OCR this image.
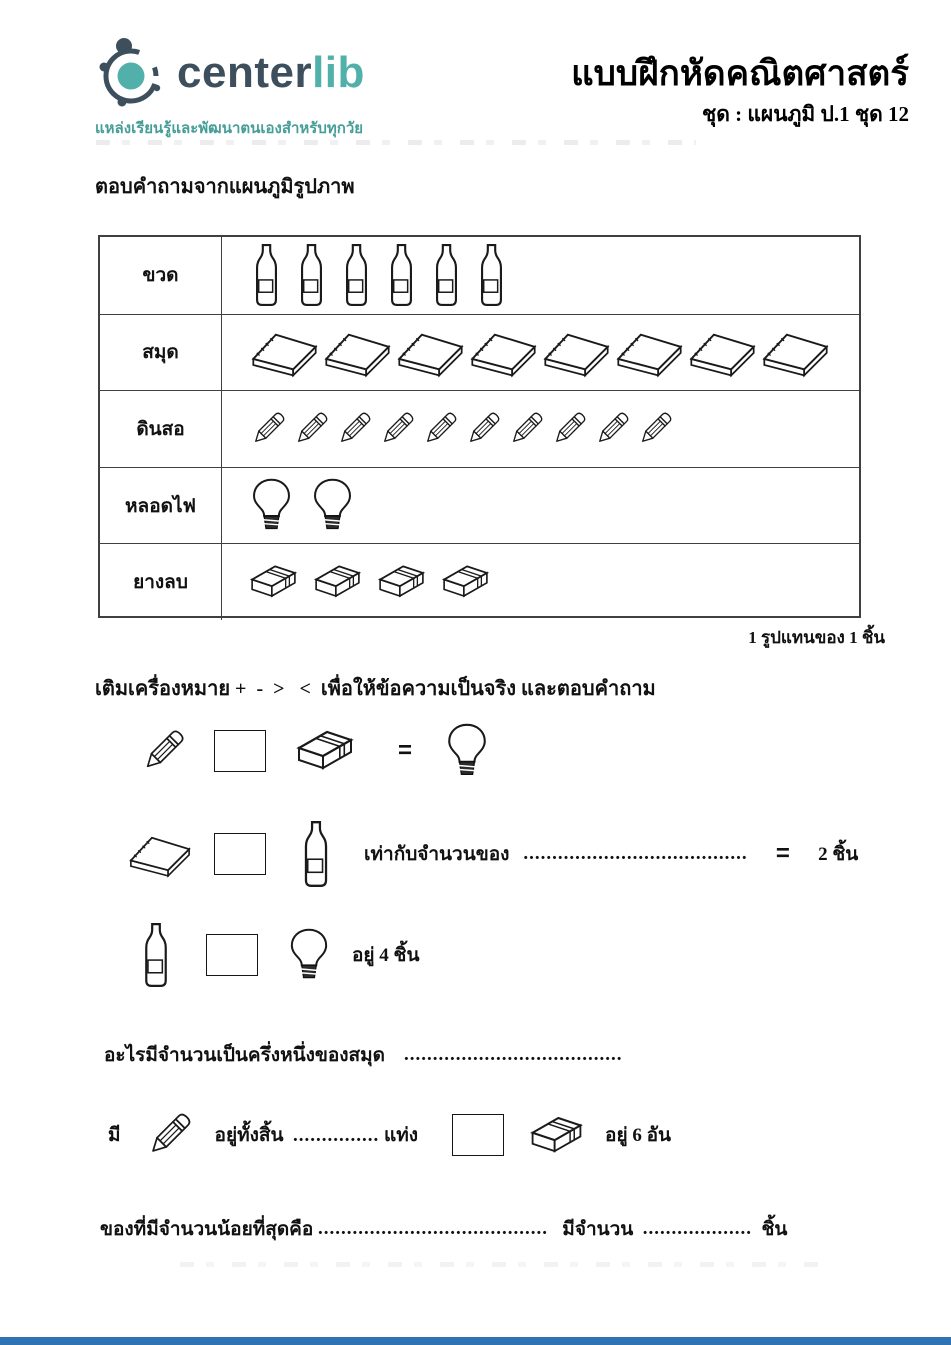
centerlib
แหล่งเรียนรู้และพัฒนาตนเองสำหรับทุกวัย
แบบฝึกหัดคณิตศาสตร์
ชุด : แผนภูมิ ป.1 ชุด 12
ตอบคำถามจากแผนภูมิรูปภาพ
ขวด
สมุด
ดินสอ
หลอดไฟ
ยางลบ
1 รูปแทนของ 1 ชิ้น
เติมเครื่องหมาย +  -  >   <  เพื่อให้ข้อความเป็นจริง และตอบคำถาม
=
เท่ากับจำนวนของ .......................................	=	2 ชิ้น
อยู่ 4 ชิ้น
อะไรมีจำนวนเป็นครึ่งหนึ่งของสมุด
......................................
มี	อยู่ทั้งสิ้น ............... แท่ง	อยู่ 6 อัน
ของที่มีจำนวนน้อยที่สุดคือ
........................................
มีจำนวน
...................
ชิ้น
